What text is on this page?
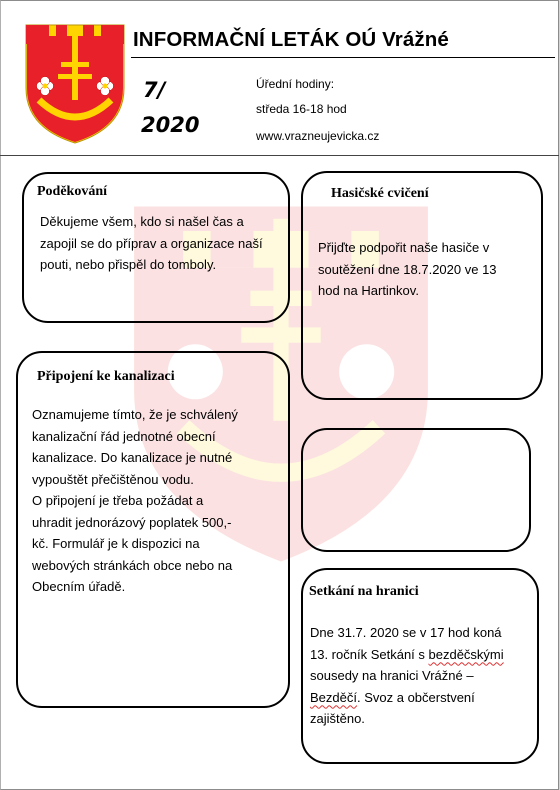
INFORMAČNÍ LETÁK OÚ Vrážné
7/
2020
Úřední hodiny:
středa 16-18 hod
www.vrazneujevicka.cz
Poděkování
Děkujeme všem, kdo si našel čas a
zapojil se do příprav a organizace naší
pouti, nebo přispěl do tomboly.
Hasičské cvičení
Přijďte podpořit naše hasiče v
soutěžení dne 18.7.2020 ve 13
hod na Hartinkov.
Připojení ke kanalizaci
Oznamujeme tímto, že je schválený
kanalizační řád jednotné obecní
kanalizace. Do kanalizace je nutné
vypouštět přečištěnou vodu.
O připojení je třeba požádat a
uhradit jednorázový poplatek 500,-
kč. Formulář je k dispozici na
webových stránkách obce nebo na
Obecním úřadě.	Setkání na hranici
Dne 31.7. 2020 se v 17 hod koná
13. ročník Setkání s bezděčskými
sousedy na hranici Vrážné –
Bezděčí. Svoz a občerstvení
zajištěno.
